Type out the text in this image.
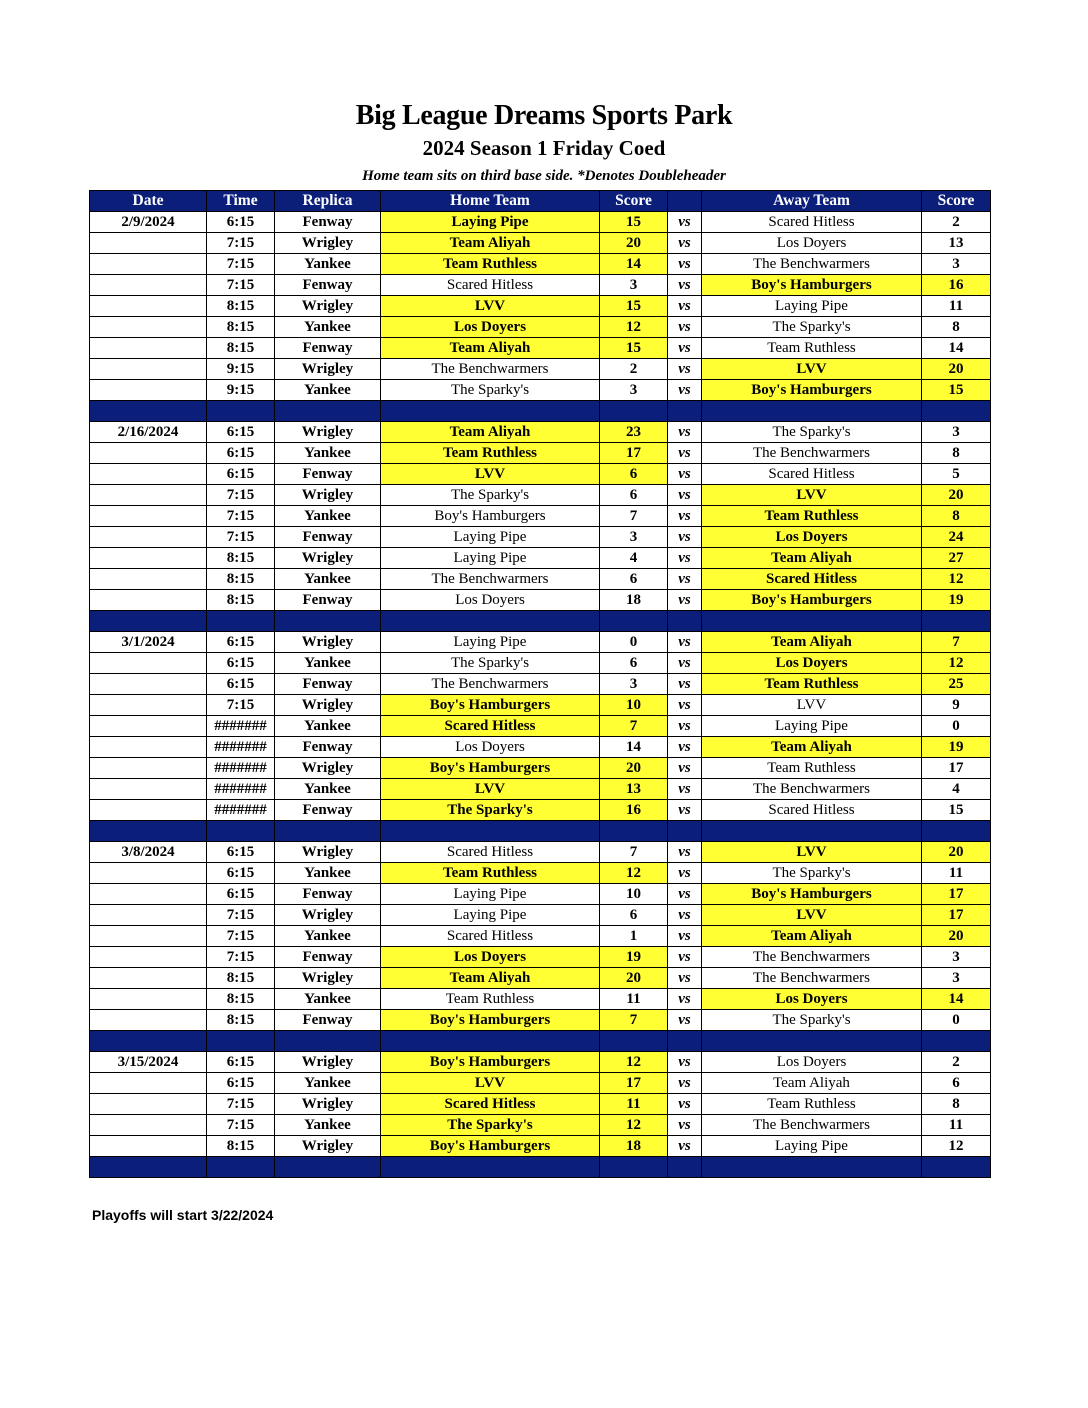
Big League Dreams Sports Park
2024 Season 1 Friday Coed
Home team sits on third base side. *Denotes Doubleheader
Date	Time	Replica	Home Team	Score		Away Team	Score
2/9/2024	6:15	Fenway	Laying Pipe	15	vs	Scared Hitless	2
	7:15	Wrigley	Team Aliyah	20	vs	Los Doyers	13
	7:15	Yankee	Team Ruthless	14	vs	The Benchwarmers	3
	7:15	Fenway	Scared Hitless	3	vs	Boy's Hamburgers	16
	8:15	Wrigley	LVV	15	vs	Laying Pipe	11
	8:15	Yankee	Los Doyers	12	vs	The Sparky's	8
	8:15	Fenway	Team Aliyah	15	vs	Team Ruthless	14
	9:15	Wrigley	The Benchwarmers	2	vs	LVV	20
	9:15	Yankee	The Sparky's	3	vs	Boy's Hamburgers	15

2/16/2024	6:15	Wrigley	Team Aliyah	23	vs	The Sparky's	3
	6:15	Yankee	Team Ruthless	17	vs	The Benchwarmers	8
	6:15	Fenway	LVV	6	vs	Scared Hitless	5
	7:15	Wrigley	The Sparky's	6	vs	LVV	20
	7:15	Yankee	Boy's Hamburgers	7	vs	Team Ruthless	8
	7:15	Fenway	Laying Pipe	3	vs	Los Doyers	24
	8:15	Wrigley	Laying Pipe	4	vs	Team Aliyah	27
	8:15	Yankee	The Benchwarmers	6	vs	Scared Hitless	12
	8:15	Fenway	Los Doyers	18	vs	Boy's Hamburgers	19

3/1/2024	6:15	Wrigley	Laying Pipe	0	vs	Team Aliyah	7
	6:15	Yankee	The Sparky's	6	vs	Los Doyers	12
	6:15	Fenway	The Benchwarmers	3	vs	Team Ruthless	25
	7:15	Wrigley	Boy's Hamburgers	10	vs	LVV	9
	#######	Yankee	Scared Hitless	7	vs	Laying Pipe	0
	#######	Fenway	Los Doyers	14	vs	Team Aliyah	19
	#######	Wrigley	Boy's Hamburgers	20	vs	Team Ruthless	17
	#######	Yankee	LVV	13	vs	The Benchwarmers	4
	#######	Fenway	The Sparky's	16	vs	Scared Hitless	15

3/8/2024	6:15	Wrigley	Scared Hitless	7	vs	LVV	20
	6:15	Yankee	Team Ruthless	12	vs	The Sparky's	11
	6:15	Fenway	Laying Pipe	10	vs	Boy's Hamburgers	17
	7:15	Wrigley	Laying Pipe	6	vs	LVV	17
	7:15	Yankee	Scared Hitless	1	vs	Team Aliyah	20
	7:15	Fenway	Los Doyers	19	vs	The Benchwarmers	3
	8:15	Wrigley	Team Aliyah	20	vs	The Benchwarmers	3
	8:15	Yankee	Team Ruthless	11	vs	Los Doyers	14
	8:15	Fenway	Boy's Hamburgers	7	vs	The Sparky's	0

3/15/2024	6:15	Wrigley	Boy's Hamburgers	12	vs	Los Doyers	2
	6:15	Yankee	LVV	17	vs	Team Aliyah	6
	7:15	Wrigley	Scared Hitless	11	vs	Team Ruthless	8
	7:15	Yankee	The Sparky's	12	vs	The Benchwarmers	11
	8:15	Wrigley	Boy's Hamburgers	18	vs	Laying Pipe	12

Playoffs will start 3/22/2024
